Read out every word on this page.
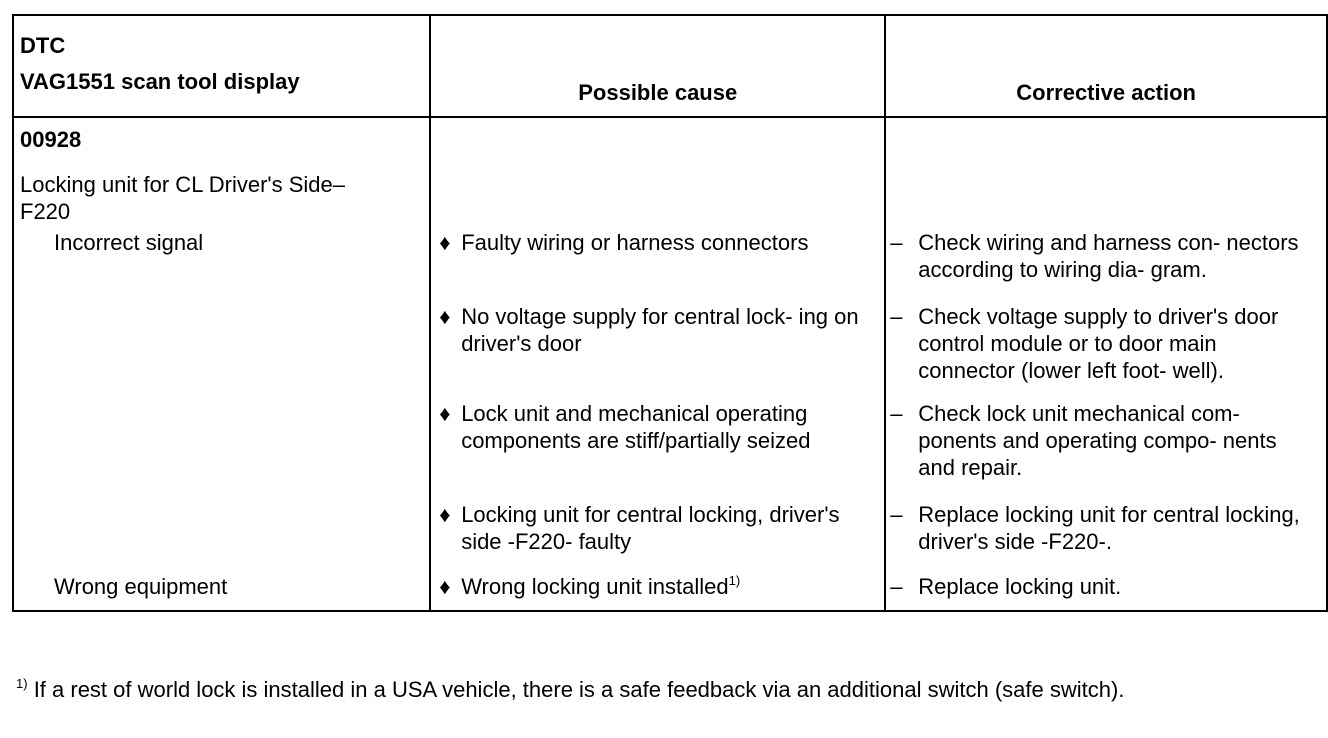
DTC
VAG1551 scan tool display	Possible cause	Corrective action

00928
Locking unit for CL Driver's Side–F220		

Incorrect signal	♦ Faulty wiring or harness connectors	– Check wiring and harness con- nectors according to wiring dia- gram.

	♦ No voltage supply for central lock- ing on driver's door	– Check voltage supply to driver's door control module or to door main connector (lower left foot- well).

	♦ Lock unit and mechanical operating components are stiff/partially seized	– Check lock unit mechanical com- ponents and operating compo- nents and repair.

	♦ Locking unit for central locking, driver's side -F220- faulty	– Replace locking unit for central locking, driver's side -F220-.

Wrong equipment	♦ Wrong locking unit installed$^{1)}$	– Replace locking unit.
$^{1)}$ If a rest of world lock is installed in a USA vehicle, there is a safe feedback via an additional switch (safe switch).
